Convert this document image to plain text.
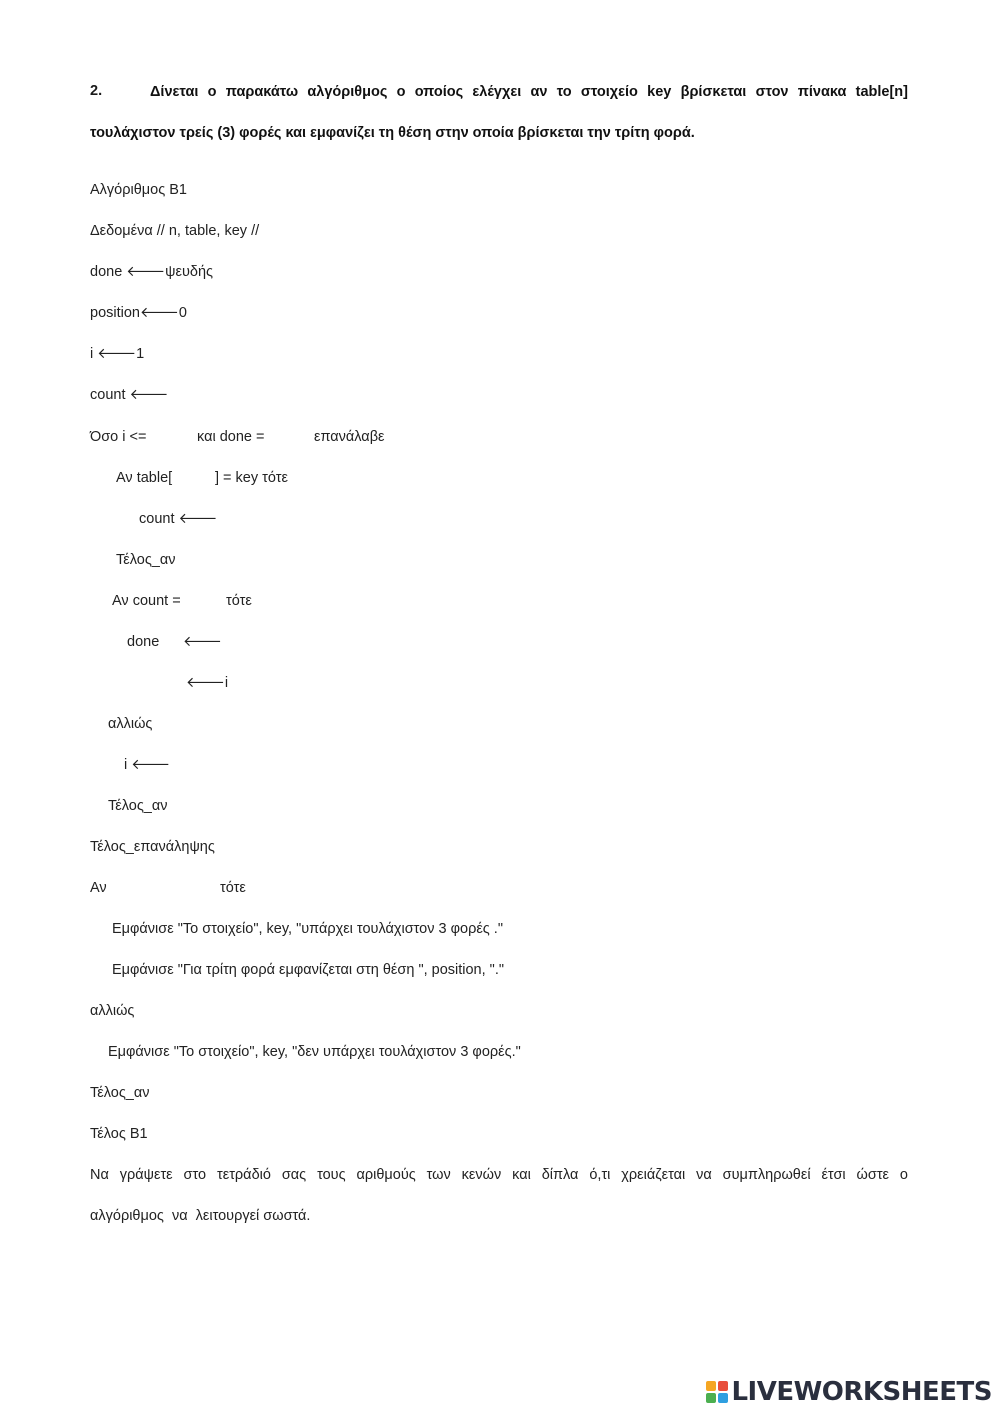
2.	Δίνεται ο παρακάτω αλγόριθμος ο οποίος ελέγχει αν το στοιχείο key βρίσκεται στον πίνακα table[n]
τουλάχιστον τρείς (3) φορές και εμφανίζει τη θέση στην οποία βρίσκεται την τρίτη φορά.
Αλγόριθμος Β1
Δεδομένα // n, table, key //
done 🡐ψευδής
position🡐0
i 🡐1
count 🡐
Όσο i <=	και done =	επανάλαβε
Αν table[	] = key τότε
count 🡐
Τέλος_αν
Αν count =	τότε
done 🡐
🡐i
αλλιώς
i 🡐
Τέλος_αν
Τέλος_επανάληψης
Αν	τότε
Εμφάνισε "Το στοιχείο", key, "υπάρχει τουλάχιστον 3 φορές ."
Εμφάνισε "Για τρίτη φορά εμφανίζεται στη θέση ", position, "."
αλλιώς
Εμφάνισε "Το στοιχείο", key, "δεν υπάρχει τουλάχιστον 3 φορές."
Τέλος_αν
Τέλος Β1
Να γράψετε στο τετράδιό σας τους αριθμούς των κενών και δίπλα ό,τι χρειάζεται να συμπληρωθεί έτσι ώστε ο
αλγόριθμος  να  λειτουργεί σωστά.
LIVEWORKSHEETS
